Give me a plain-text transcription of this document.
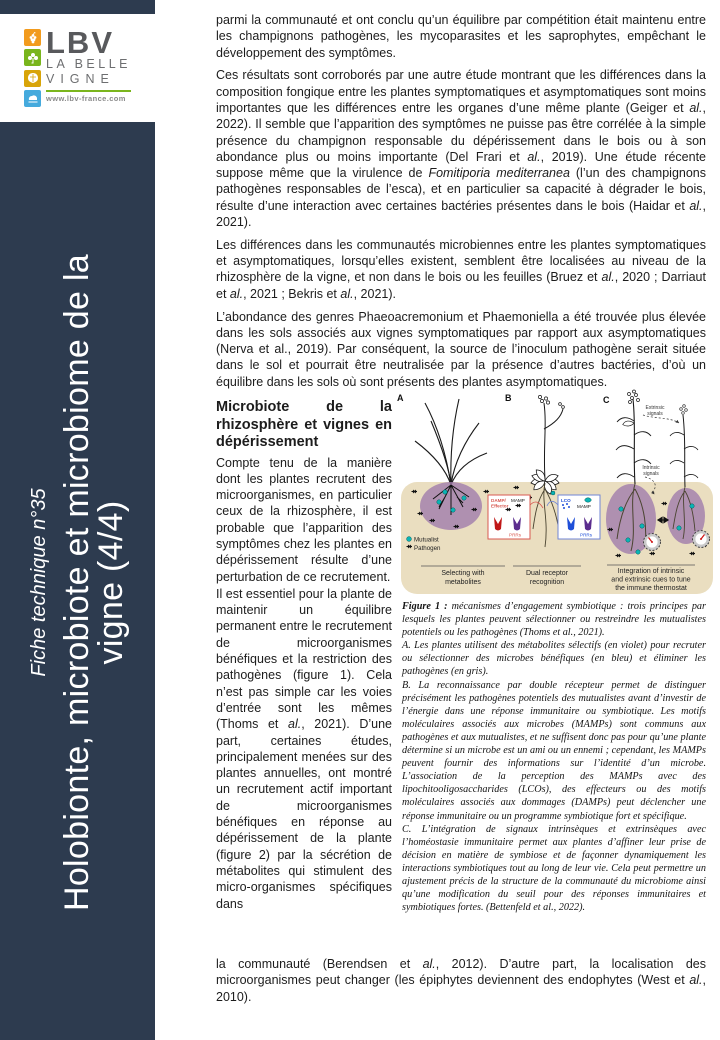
Fiche technique n°35 Holobionte, microbiote et microbiome de la
vigne (4/4)
LBV
LA BELLE
VIGNE
www.lbv-france.com

parmi la communauté et ont conclu qu’un équilibre par compétition était maintenu entre les champignons pathogènes, les mycoparasites et les saprophytes, empêchant le développement des symptômes.

Ces résultats sont corroborés par une autre étude montrant que les différences dans la composition fongique entre les plantes symptomatiques et asymptomatiques sont moins importantes que les différences entre les organes d’une même plante (Geiger et al., 2022). Il semble que l’apparition des symptômes ne puisse pas être corrélée à la simple présence du champignon responsable du dépérissement dans le bois ou à son abondance plus ou moins importante (Del Frari et al., 2019). Une étude récente suppose même que la virulence de Fomitiporia mediterranea (l’un des champignons pathogènes responsables de l’esca), et en particulier sa capacité à dégrader le bois, résulte d’une interaction avec certaines bactéries présentes dans le bois (Haidar et al., 2021).

Les différences dans les communautés microbiennes entre les plantes symptomatiques et asymptomatiques, lorsqu’elles existent, semblent être localisées au niveau de la rhizosphère de la vigne, et non dans le bois ou les feuilles (Bruez et al., 2020 ; Darriaut et al., 2021 ; Bekris et al., 2021).

L’abondance des genres Phaeoacremonium et Phaemoniella a été trouvée plus élevée dans les sols associés aux vignes symptomatiques par rapport aux asymptomatiques (Nerva et al., 2019). Par conséquent, la source de l’inoculum pathogène serait située dans le sol et pourrait être neutralisée par la présence d’autres bactéries, d’où un équilibre dans les sols où sont présents des plantes asymptomatiques.

Microbiote de la rhizosphère et vignes en dépérissement

Compte tenu de la manière dont les plantes recrutent des microorganismes, en particulier ceux de la rhizosphère, il est probable que l’apparition des symptômes chez les plantes en dépérissement résulte d’une perturbation de ce recrutement.

Il est essentiel pour la plante de maintenir un équilibre permanent entre le recrutement de microorganismes bénéfiques et la restriction des pathogènes (figure 1). Cela n’est pas simple car les voies d’entrée sont les mêmes (Thoms et al., 2021). D’une part, certaines études, principalement menées sur des plantes annuelles, ont montré un recrutement actif important de microorganismes bénéfiques en réponse au dépérissement de la plante (figure 2) par la sécrétion de métabolites qui stimulent des micro-organismes spécifiques dans

A	B	C
Mutualist
Pathogen
Selecting with
metabolites
DAMP/
Effector
MAMP
PRRs
LCO
MAMP
PRRs
Dual receptor
recognition
Extrinsic
signals
Intrinsic
signals
Integration of intrinsic
and extrinsic cues to tune
the immune thermostat

Figure 1 : mécanismes d’engagement symbiotique : trois principes par lesquels les plantes peuvent sélectionner ou restreindre les mutualistes potentiels ou les pathogènes (Thoms et al., 2021).

A. Les plantes utilisent des métabolites sélectifs (en violet) pour recruter ou sélectionner des microbes bénéfiques (en bleu) et éliminer les pathogènes (en gris).

B. La reconnaissance par double récepteur permet de distinguer précisément les pathogènes potentiels des mutualistes avant d’investir de l’énergie dans une réponse immunitaire ou symbiotique. Les motifs moléculaires associés aux microbes (MAMPs) sont communs aux pathogènes et aux mutualistes, et ne suffisent donc pas pour qu’une plante détermine si un microbe est un ami ou un ennemi ; cependant, les MAMPs peuvent fournir des informations sur l’identité d’un microbe. L’association de la perception des MAMPs avec des lipochitooligosaccharides (LCOs), des effecteurs ou des motifs moléculaires associés aux dommages (DAMPs) peut déclencher une réponse immunitaire ou un programme symbiotique fort et spécifique.

C. L’intégration de signaux intrinsèques et extrinsèques avec l’homéostasie immunitaire permet aux plantes d’affiner leur prise de décision en matière de symbiose et de façonner dynamiquement les interactions symbiotiques tout au long de leur vie. Cela peut permettre un ajustement précis de la structure de la communauté du microbiome ainsi qu’une modification du seuil pour des réponses immunitaires et symbiotiques fortes. (Bettenfeld et al., 2022).

la communauté (Berendsen et al., 2012). D’autre part, la localisation des microorganismes peut changer (les épiphytes deviennent des endophytes (West et al., 2010).
